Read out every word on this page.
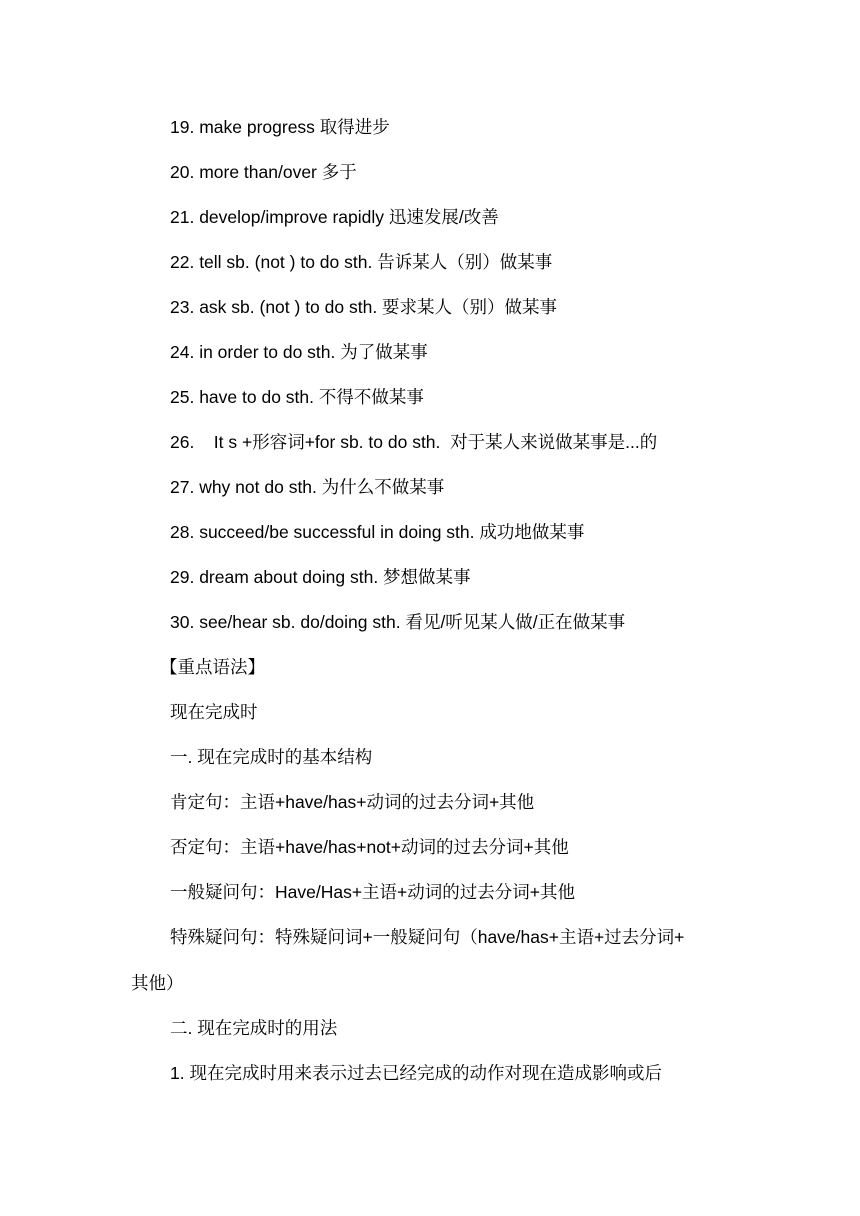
19. make progress 取得进步
20. more than/over 多于
21. develop/improve rapidly 迅速发展/改善
22. tell sb. (not ) to do sth. 告诉某人（别）做某事
23. ask sb. (not ) to do sth. 要求某人（别）做某事
24. in order to do sth. 为了做某事
25. have to do sth. 不得不做某事
26.    It s +形容词+for sb. to do sth.  对于某人来说做某事是...的
27. why not do sth. 为什么不做某事
28. succeed/be successful in doing sth. 成功地做某事
29. dream about doing sth. 梦想做某事
30. see/hear sb. do/doing sth. 看见/听见某人做/正在做某事
【重点语法】
现在完成时
一. 现在完成时的基本结构
肯定句：主语+have/has+动词的过去分词+其他
否定句：主语+have/has+not+动词的过去分词+其他
一般疑问句：Have/Has+主语+动词的过去分词+其他
特殊疑问句：特殊疑问词+一般疑问句（have/has+主语+过去分词+
其他）
二. 现在完成时的用法
1. 现在完成时用来表示过去已经完成的动作对现在造成影响或后
